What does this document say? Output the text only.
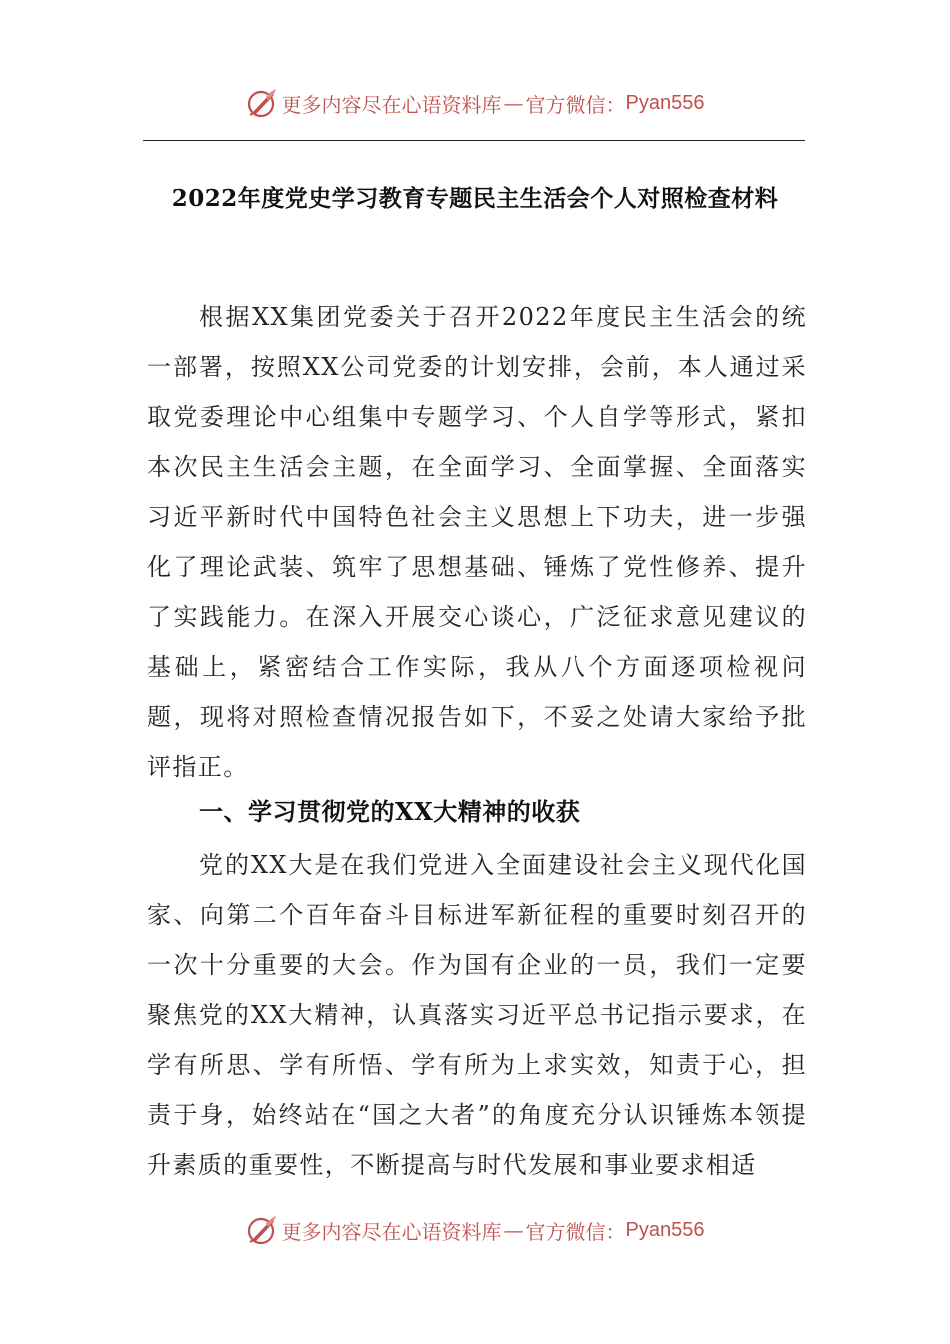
更多内容尽在心语资料库 — 官方微信： Pyan556
2022年度党史学习教育专题民主生活会个人对照检查材料

根据XX集团党委关于召开2022年度民主生活会的统一部署，按照XX公司党委的计划安排，会前，本人通过采取党委理论中心组集中专题学习、个人自学等形式，紧扣本次民主生活会主题，在全面学习、全面掌握、全面落实习近平新时代中国特色社会主义思想上下功夫，进一步强化了理论武装、筑牢了思想基础、锤炼了党性修养、提升了实践能力。在深入开展交心谈心，广泛征求意见建议的基础上，紧密结合工作实际，我从八个方面逐项检视问题，现将对照检查情况报告如下，不妥之处请大家给予批评指正。

一、学习贯彻党的XX大精神的收获

党的XX大是在我们党进入全面建设社会主义现代化国家、向第二个百年奋斗目标进军新征程的重要时刻召开的一次十分重要的大会。作为国有企业的一员，我们一定要聚焦党的XX大精神，认真落实习近平总书记指示要求，在学有所思、学有所悟、学有所为上求实效，知责于心，担责于身，始终站在“国之大者”的角度充分认识锤炼本领提升素质的重要性，不断提高与时代发展和事业要求相适

更多内容尽在心语资料库 — 官方微信： Pyan556
